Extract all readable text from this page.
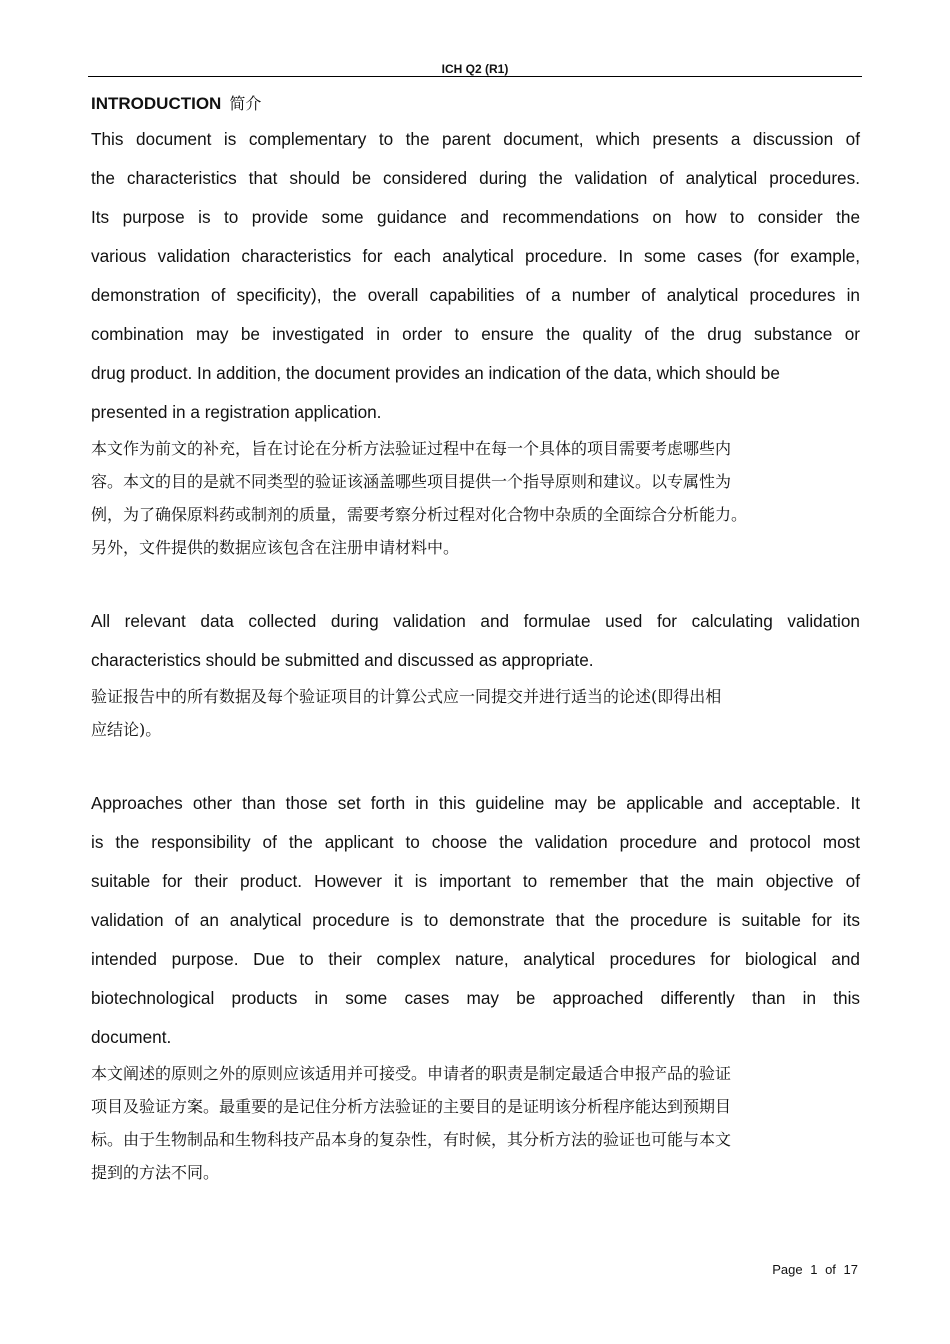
ICH Q2 (R1)
INTRODUCTION 简介

This document is complementary to the parent document, which presents a discussion of
the characteristics that should be considered during the validation of analytical procedures.
Its purpose is to provide some guidance and recommendations on how to consider the
various validation characteristics for each analytical procedure. In some cases (for example,
demonstration of specificity), the overall capabilities of a number of analytical procedures in
combination may be investigated in order to ensure the quality of the drug substance or
drug product. In addition, the document provides an indication of the data, which should be
presented in a registration application.

本文作为前文的补充，旨在讨论在分析方法验证过程中在每一个具体的项目需要考虑哪些内
容。本文的目的是就不同类型的验证该涵盖哪些项目提供一个指导原则和建议。以专属性为
例，为了确保原料药或制剂的质量，需要考察分析过程对化合物中杂质的全面综合分析能力。
另外，文件提供的数据应该包含在注册申请材料中。

All relevant data collected during validation and formulae used for calculating validation
characteristics should be submitted and discussed as appropriate.

验证报告中的所有数据及每个验证项目的计算公式应一同提交并进行适当的论述(即得出相
应结论)。

Approaches other than those set forth in this guideline may be applicable and acceptable. It
is the responsibility of the applicant to choose the validation procedure and protocol most
suitable for their product. However it is important to remember that the main objective of
validation of an analytical procedure is to demonstrate that the procedure is suitable for its
intended purpose. Due to their complex nature, analytical procedures for biological and
biotechnological products in some cases may be approached differently than in this
document.

本文阐述的原则之外的原则应该适用并可接受。申请者的职责是制定最适合申报产品的验证
项目及验证方案。最重要的是记住分析方法验证的主要目的是证明该分析程序能达到预期目
标。由于生物制品和生物科技产品本身的复杂性，有时候，其分析方法的验证也可能与本文
提到的方法不同。

Page 1 of 17
